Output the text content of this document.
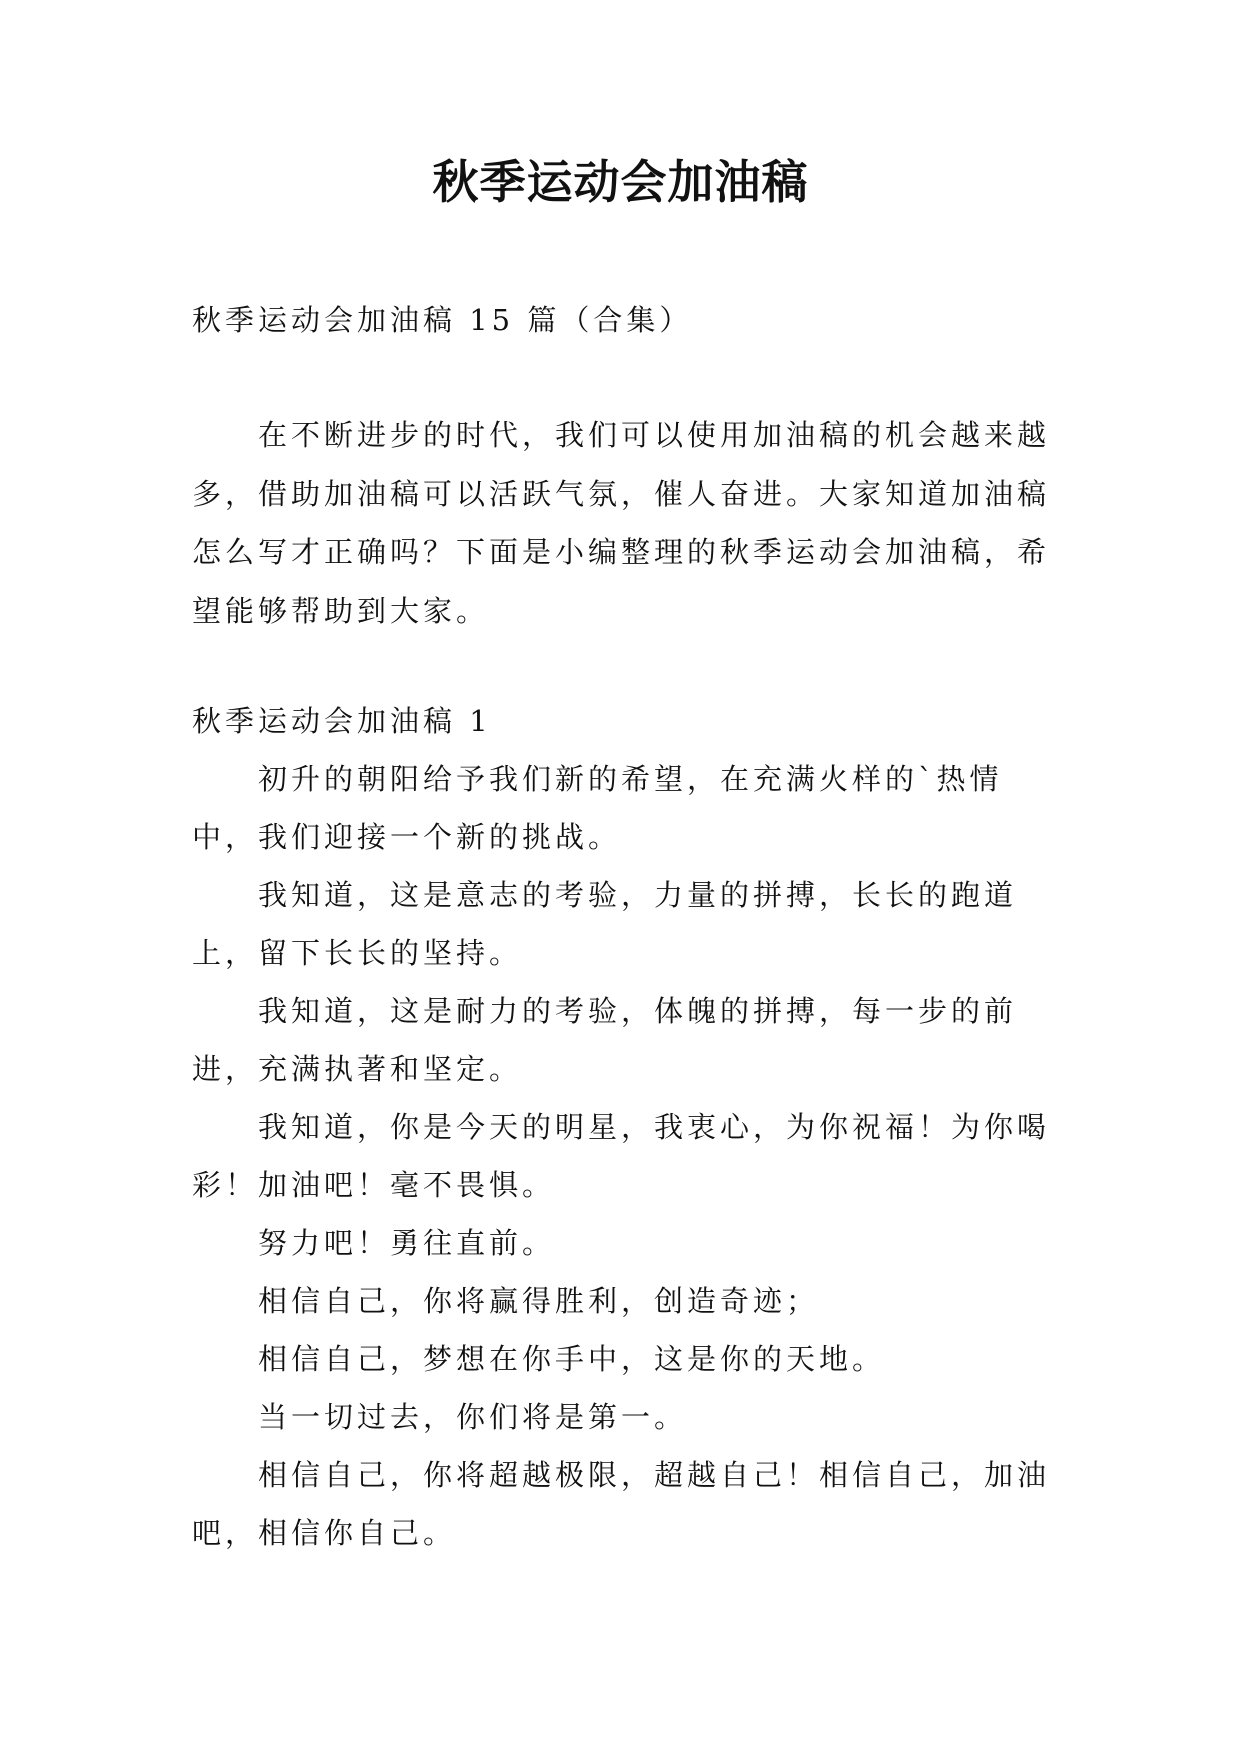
秋季运动会加油稿

秋季运动会加油稿 15 篇（合集）

在不断进步的时代，我们可以使用加油稿的机会越来越多，借助加油稿可以活跃气氛，催人奋进。大家知道加油稿怎么写才正确吗？下面是小编整理的秋季运动会加油稿，希望能够帮助到大家。

秋季运动会加油稿 1

初升的朝阳给予我们新的希望，在充满火样的`热情中，我们迎接一个新的挑战。

我知道，这是意志的考验，力量的拼搏，长长的跑道上，留下长长的坚持。

我知道，这是耐力的考验，体魄的拼搏，每一步的前进，充满执著和坚定。

我知道，你是今天的明星，我衷心，为你祝福！为你喝彩！加油吧！毫不畏惧。

努力吧！勇往直前。

相信自己，你将赢得胜利，创造奇迹；

相信自己，梦想在你手中，这是你的天地。

当一切过去，你们将是第一。

相信自己，你将超越极限，超越自己！相信自己，加油吧，相信你自己。
